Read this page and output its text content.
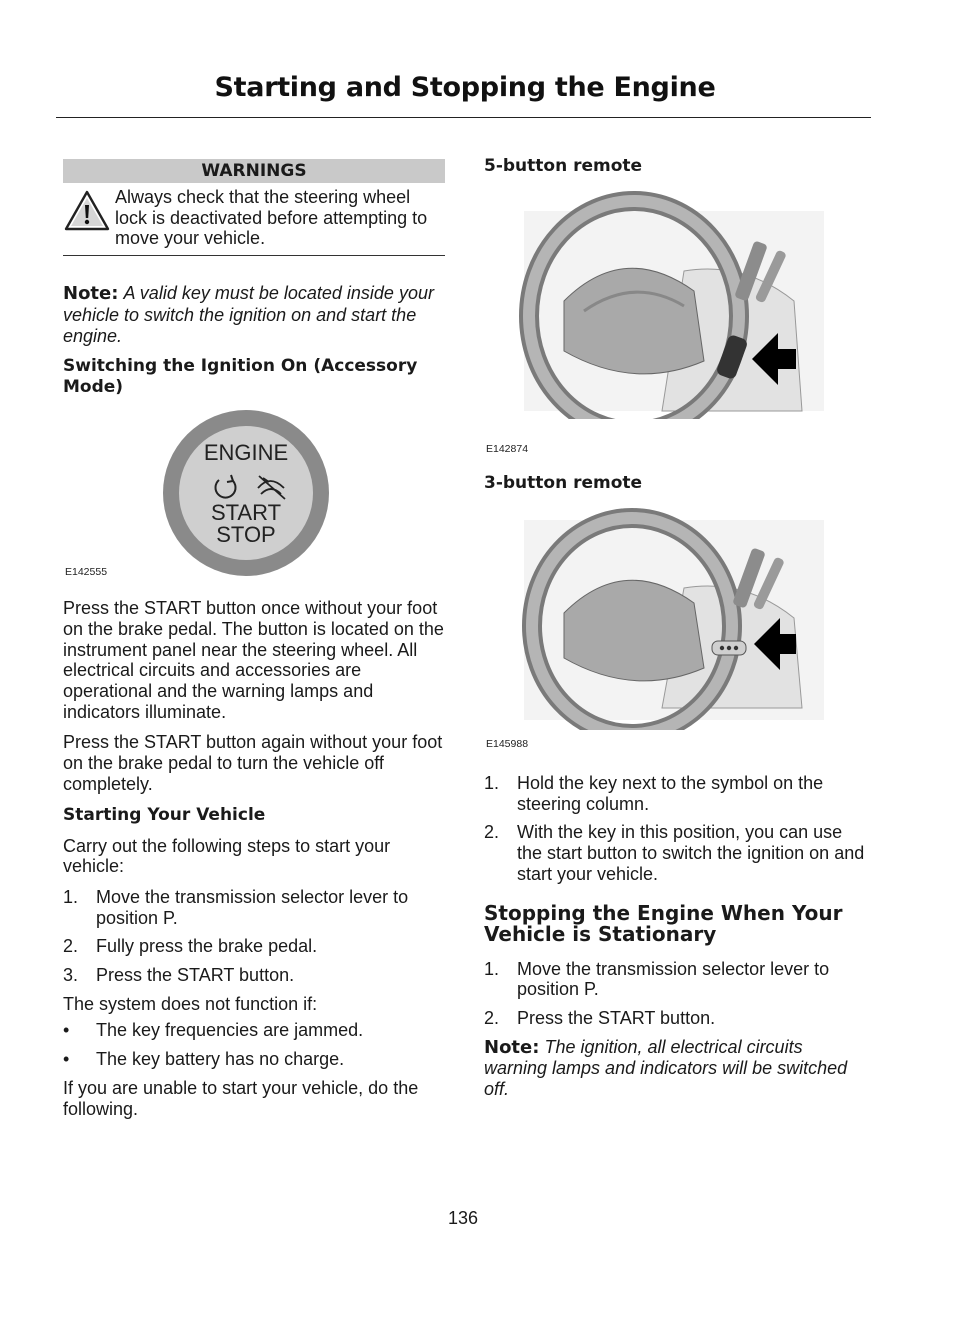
Starting and Stopping the Engine
WARNINGS
Always check that the steering wheel lock is deactivated before attempting to move your vehicle.

Note: A valid key must be located inside your vehicle to switch the ignition on and start the engine.

Switching the Ignition On (Accessory Mode)
ENGINE
START
STOP
E142555

Press the START button once without your foot on the brake pedal. The button is located on the instrument panel near the steering wheel. All electrical circuits and accessories are operational and the warning lamps and indicators illuminate.

Press the START button again without your foot on the brake pedal to turn the vehicle off completely.

Starting Your Vehicle

Carry out the following steps to start your vehicle:

1. Move the transmission selector lever to position P.
2. Fully press the brake pedal.
3. Press the START button.

The system does not function if:

• The key frequencies are jammed.
• The key battery has no charge.

If you are unable to start your vehicle, do the following.

5-button remote
E142874
3-button remote
E145988
1. Hold the key next to the symbol on the steering column.
2. With the key in this position, you can use the start button to switch the ignition on and start your vehicle.
Stopping the Engine When Your Vehicle is Stationary
1. Move the transmission selector lever to position P.
2. Press the START button.

Note: The ignition, all electrical circuits warning lamps and indicators will be switched off.

136
